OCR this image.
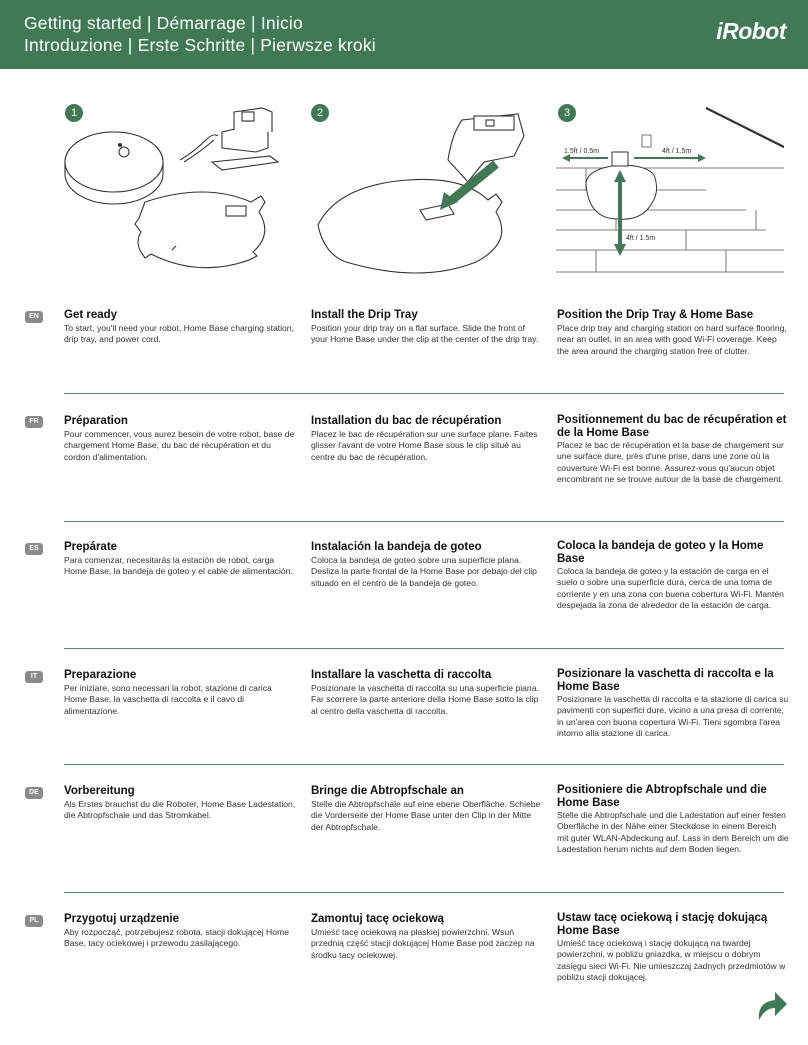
Getting started | Démarrage | Inicio
Introduzione | Erste Schritte | Pierwsze kroki
iRobot
1	2	3
1.5ft / 0.5m	4ft / 1.5m
4ft / 1.5m
EN	Get ready
To start, you'll need your robot, Home Base charging station, drip tray, and power cord.
Install the Drip Tray
Position your drip tray on a flat surface. Slide the front of your Home Base under the clip at the center of the drip tray.
Position the Drip Tray & Home Base
Place drip tray and charging station on hard surface flooring, near an outlet, in an area with good Wi-Fi coverage. Keep the area around the charging station free of clutter.
FR	Préparation
Pour commencer, vous aurez besoin de votre robot, base de chargement Home Base, du bac de récupération et du cordon d'alimentation.
Installation du bac de récupération
Placez le bac de récupération sur une surface plane. Faites glisser l'avant de votre Home Base sous le clip situé au centre du bac de récupération.
Positionnement du bac de récupération et de la Home Base
Placez le bac de récupération et la base de chargement sur une surface dure, près d'une prise, dans une zone où la couverture Wi-Fi est bonne. Assurez-vous qu'aucun objet encombrant ne se trouve autour de la base de chargement.
ES	Prepárate
Para comenzar, necesitarás la estación de robot, carga Home Base, la bandeja de goteo y el cable de alimentación.
Instalación la bandeja de goteo
Coloca la bandeja de goteo sobre una superficie plana. Desliza la parte frontal de la Home Base por debajo del clip situado en el centro de la bandeja de goteo.
Coloca la bandeja de goteo y la Home Base
Coloca la bandeja de goteo y la estación de carga en el suelo o sobre una superficie dura, cerca de una toma de corriente y en una zona con buena cobertura Wi-Fi. Mantén despejada la zona de alrededor de la estación de carga.
IT	Preparazione
Per iniziare, sono necessari la robot, stazione di carica Home Base, la vaschetta di raccolta e il cavo di alimentazione.
Installare la vaschetta di raccolta
Posizionare la vaschetta di raccolta su una superficie piana. Far scorrere la parte anteriore della Home Base sotto la clip al centro della vaschetta di raccolta.
Posizionare la vaschetta di raccolta e la Home Base
Posizionare la vaschetta di raccolta e la stazione di carica su pavimenti con superfici dure, vicino a una presa di corrente, in un'area con buona copertura Wi-Fi. Tieni sgombra l'area intorno alla stazione di carica.
DE	Vorbereitung
Als Erstes brauchst du die Roboter, Home Base Ladestation, die Abtropfschale und das Stromkabel.
Bringe die Abtropfschale an
Stelle die Abtropfschale auf eine ebene Oberfläche. Schiebe die Vorderseite der Home Base unter den Clip in der Mitte der Abtropfschale.
Positioniere die Abtropfschale und die Home Base
Stelle die Abtropfschale und die Ladestation auf einer festen Oberfläche in der Nähe einer Steckdose in einem Bereich mit guter WLAN-Abdeckung auf. Lass in dem Bereich um die Ladestation herum nichts auf dem Boden liegen.
PL	Przygotuj urządzenie
Aby rozpocząć, potrzebujesz robota, stacji dokującej Home Base, tacy ociekowej i przewodu zasilającego.
Zamontuj tacę ociekową
Umieść tacę ociekową na płaskiej powierzchni. Wsuń przednią część stacji dokującej Home Base pod zaczep na środku tacy ociekowej.
Ustaw tacę ociekową i stację dokującą Home Base
Umieść tacę ociekową i stację dokującą na twardej powierzchni, w pobliżu gniazdka, w miejscu o dobrym zasięgu sieci Wi-Fi. Nie umieszczaj żadnych przedmiotów w pobliżu stacji dokującej.
